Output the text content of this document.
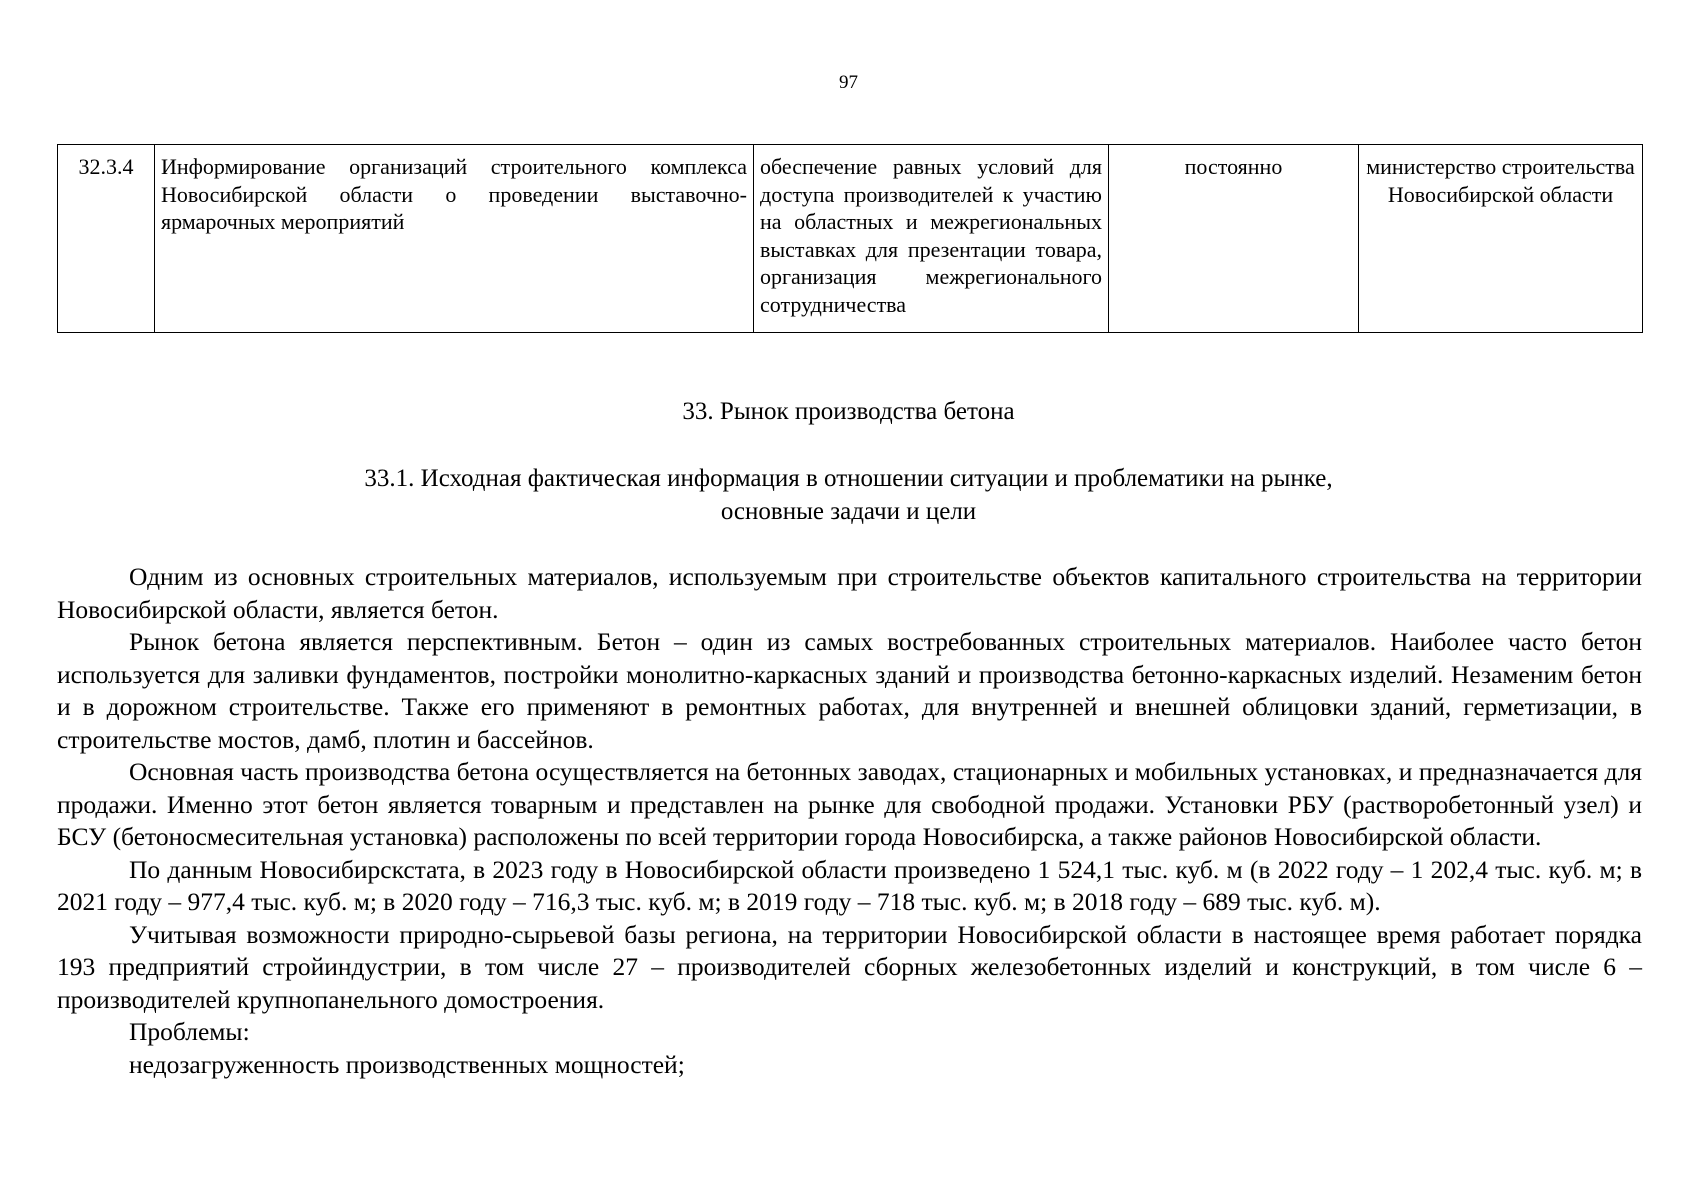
97
32.3.4	Информирование организаций строительного комплекса Новосибирской области о проведении выставочно-ярмарочных мероприятий	обеспечение равных условий для доступа производителей к участию на областных и межрегиональных выставках для презентации товара, организация межрегионального сотрудничества	постоянно	министерство строительства Новосибирской области
33. Рынок производства бетона
33.1. Исходная фактическая информация в отношении ситуации и проблематики на рынке,
основные задачи и цели

Одним из основных строительных материалов, используемым при строительстве объектов капитального строительства на территории Новосибирской области, является бетон.

Рынок бетона является перспективным. Бетон – один из самых востребованных строительных материалов. Наиболее часто бетон используется для заливки фундаментов, постройки монолитно-каркасных зданий и производства бетонно-каркасных изделий. Незаменим бетон и в дорожном строительстве. Также его применяют в ремонтных работах, для внутренней и внешней облицовки зданий, герметизации, в строительстве мостов, дамб, плотин и бассейнов.

Основная часть производства бетона осуществляется на бетонных заводах, стационарных и мобильных установках, и предназначается для продажи. Именно этот бетон является товарным и представлен на рынке для свободной продажи. Установки РБУ (растворобетонный узел) и БСУ (бетоносмесительная установка) расположены по всей территории города Новосибирска, а также районов Новосибирской области.

По данным Новосибирскстата, в 2023 году в Новосибирской области произведено 1 524,1 тыс. куб. м (в 2022 году – 1 202,4 тыс. куб. м; в 2021 году – 977,4 тыс. куб. м; в 2020 году – 716,3 тыс. куб. м; в 2019 году – 718 тыс. куб. м; в 2018 году – 689 тыс. куб. м).

Учитывая возможности природно-сырьевой базы региона, на территории Новосибирской области в настоящее время работает порядка 193 предприятий стройиндустрии, в том числе 27 – производителей сборных железобетонных изделий и конструкций, в том числе 6 – производителей крупнопанельного домостроения.

Проблемы:

недозагруженность производственных мощностей;
